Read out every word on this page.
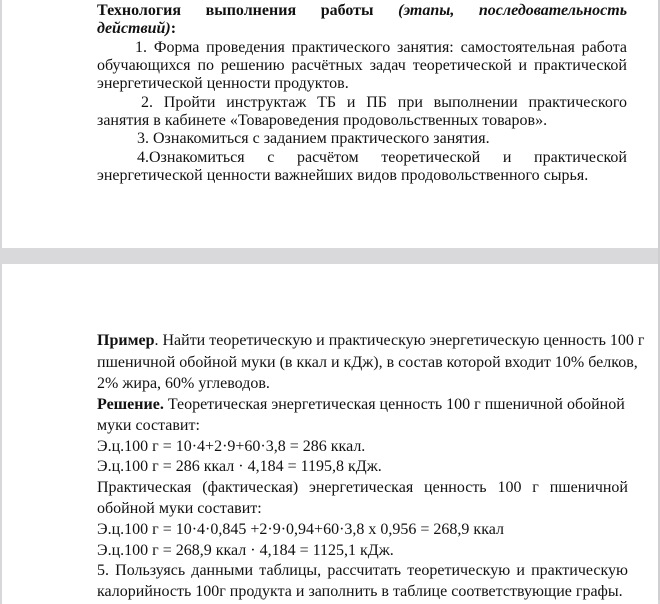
Технология выполнения работы (этапы, последовательность действий):
1. Форма проведения практического занятия: самостоятельная работа обучающихся по решению расчётных задач теоретической и практической энергетической ценности продуктов.
2. Пройти инструктаж ТБ и ПБ при выполнении практического занятия в кабинете «Товароведения продовольственных товаров».
3. Ознакомиться с заданием практического занятия.
4.Ознакомиться с расчётом теоретической и практической энергетической ценности важнейших видов продовольственного сырья.
Пример. Найти теоретическую и практическую энергетическую ценность 100 г
пшеничной обойной муки (в ккал и кДж), в состав которой входит 10% белков,
2% жира, 60% углеводов.
Решение. Теоретическая энергетическая ценность 100 г пшеничной обойной
муки составит:
Э.ц.100 г = 10·4+2·9+60·3,8 = 286 ккал.
Э.ц.100 г = 286 ккал · 4,184 = 1195,8 кДж.
Практическая (фактическая) энергетическая ценность 100 г пшеничной
обойной муки составит:
Э.ц.100 г = 10·4·0,845 +2·9·0,94+60·3,8 х 0,956 = 268,9 ккал
Э.ц.100 г = 268,9 ккал · 4,184 = 1125,1 кДж.
5. Пользуясь данными таблицы, рассчитать теоретическую и практическую
калорийность 100г продукта и заполнить в таблице соответствующие графы.
